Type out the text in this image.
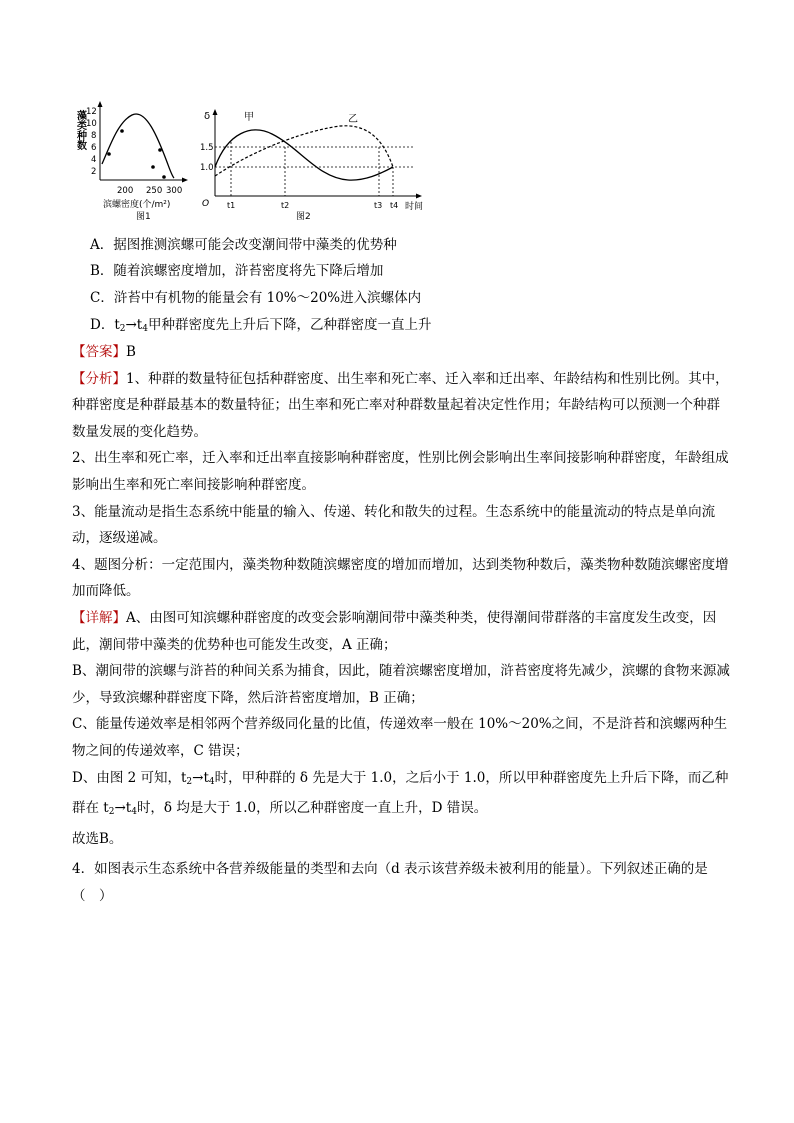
藻类种数 12
10
8
6
4
2
200 250 300
滨螺密度(个/m²)
图1
δ
1.5
1.0
甲	乙
O t1	t2	t3 t4 时间
图2
A．据图推测滨螺可能会改变潮间带中藻类的优势种
B．随着滨螺密度增加，浒苔密度将先下降后增加
C．浒苔中有机物的能量会有 10%～20%进入滨螺体内
D．$t_2\to t_4$甲种群密度先上升后下降，乙种群密度一直上升

【答案】B

【分析】1、种群的数量特征包括种群密度、出生率和死亡率、迁入率和迁出率、年龄结构和性别比例。其中，种群密度是种群最基本的数量特征；出生率和死亡率对种群数量起着决定性作用；年龄结构可以预测一个种群数量发展的变化趋势。

2、出生率和死亡率，迁入率和迁出率直接影响种群密度，性别比例会影响出生率间接影响种群密度，年龄组成影响出生率和死亡率间接影响种群密度。

3、能量流动是指生态系统中能量的输入、传递、转化和散失的过程。生态系统中的能量流动的特点是单向流动，逐级递减。

4、题图分析：一定范围内，藻类物种数随滨螺密度的增加而增加，达到类物种数后，藻类物种数随滨螺密度增加而降低。

【详解】A、由图可知滨螺种群密度的改变会影响潮间带中藻类种类，使得潮间带群落的丰富度发生改变，因此，潮间带中藻类的优势种也可能发生改变，A 正确；

B、潮间带的滨螺与浒苔的种间关系为捕食，因此，随着滨螺密度增加，浒苔密度将先减少，滨螺的食物来源减少，导致滨螺种群密度下降，然后浒苔密度增加，B 正确；

C、能量传递效率是相邻两个营养级同化量的比值，传递效率一般在 10%～20%之间，不是浒苔和滨螺两种生物之间的传递效率，C 错误；

D、由图 2 可知，$t_2\to t_4$时，甲种群的 δ 先是大于 1.0，之后小于 1.0，所以甲种群密度先上升后下降，而乙种群在 $t_2\to t_4$时，δ 均是大于 1.0，所以乙种群密度一直上升，D 错误。

故选B。

4．如图表示生态系统中各营养级能量的类型和去向（d 表示该营养级未被利用的能量）。下列叙述正确的是（　）
